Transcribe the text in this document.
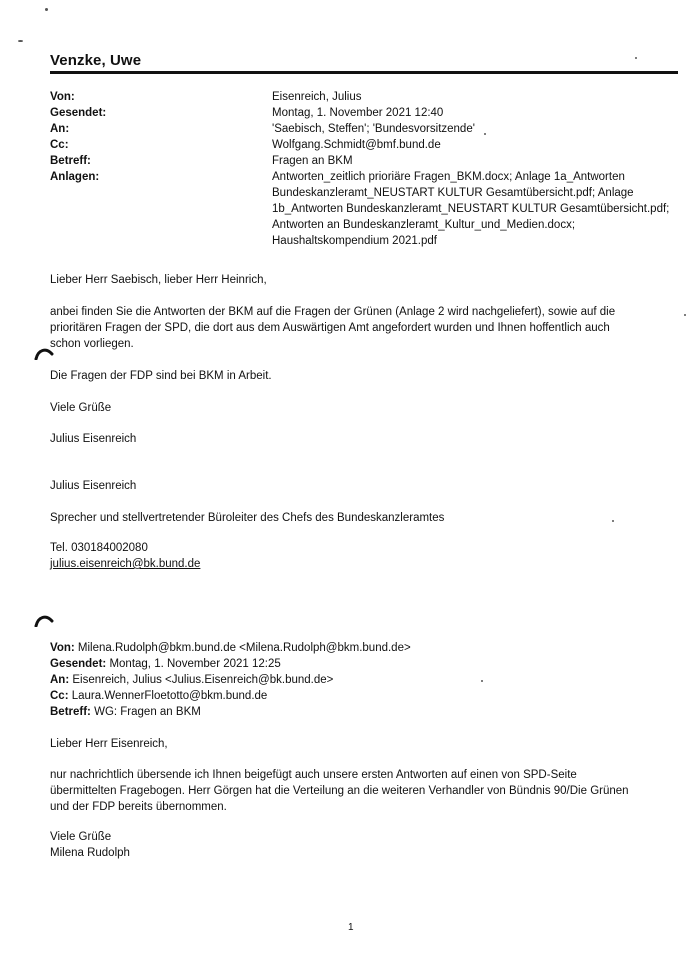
Venzke, Uwe
Von:
Gesendet:
An:
Cc:
Betreff:
Anlagen:
Eisenreich, Julius
Montag, 1. November 2021 12:40
'Saebisch, Steffen'; 'Bundesvorsitzende'
Wolfgang.Schmidt@bmf.bund.de
Fragen an BKM
Antworten_zeitlich prioriäre Fragen_BKM.docx; Anlage 1a_Antworten
Bundeskanzleramt_NEUSTART KULTUR Gesamtübersicht.pdf; Anlage
1b_Antworten Bundeskanzleramt_NEUSTART KULTUR Gesamtübersicht.pdf;
Antworten an Bundeskanzleramt_Kultur_und_Medien.docx;
Haushaltskompendium 2021.pdf
Lieber Herr Saebisch, lieber Herr Heinrich,
anbei finden Sie die Antworten der BKM auf die Fragen der Grünen (Anlage 2 wird nachgeliefert), sowie auf die
prioritären Fragen der SPD, die dort aus dem Auswärtigen Amt angefordert wurden und Ihnen hoffentlich auch
schon vorliegen.
Die Fragen der FDP sind bei BKM in Arbeit.
Viele Grüße
Julius Eisenreich
Julius Eisenreich
Sprecher und stellvertretender Büroleiter des Chefs des Bundeskanzleramtes
Tel. 030184002080
julius.eisenreich@bk.bund.de
Von: Milena.Rudolph@bkm.bund.de <Milena.Rudolph@bkm.bund.de>
Gesendet: Montag, 1. November 2021 12:25
An: Eisenreich, Julius <Julius.Eisenreich@bk.bund.de>
Cc: Laura.WennerFloetotto@bkm.bund.de
Betreff: WG: Fragen an BKM
Lieber Herr Eisenreich,
nur nachrichtlich übersende ich Ihnen beigefügt auch unsere ersten Antworten auf einen von SPD-Seite
übermittelten Fragebogen. Herr Görgen hat die Verteilung an die weiteren Verhandler von Bündnis 90/Die Grünen
und der FDP bereits übernommen.
Viele Grüße
Milena Rudolph
1
